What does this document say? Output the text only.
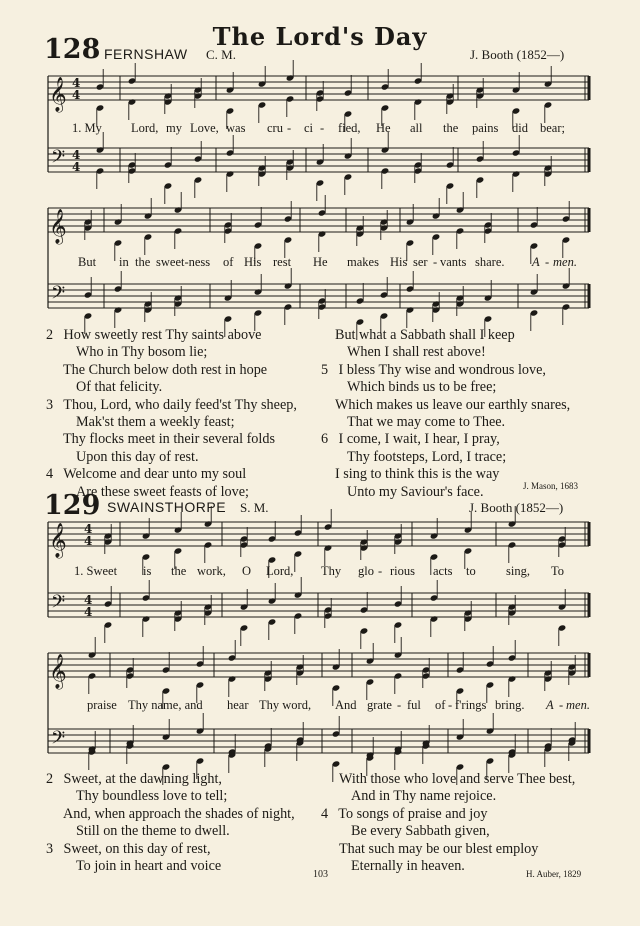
The Lord's Day
128 FERNSHAW C. M.	J. Booth (1852—)
𝄞
𝄢
4
4
4
4
𝄞
𝄢
𝄞
𝄢
4
4
4
4
𝄞
𝄢
1. My Lord, my Love, was cru - ci - fied, He all the pains did bear;
But in the sweet-ness of His rest He makes His ser - vants share. A - men.
2 How sweetly rest Thy saints above
Who in Thy bosom lie;
The Church below doth rest in hope
Of that felicity.
3 Thou, Lord, who daily feed'st Thy sheep,
Mak'st them a weekly feast;
Thy flocks meet in their several folds
Upon this day of rest.
4 Welcome and dear unto my soul
Are these sweet feasts of love;
But what a Sabbath shall I keep
When I shall rest above!
5 I bless Thy wise and wondrous love,
Which binds us to be free;
Which makes us leave our earthly snares,
That we may come to Thee.
6 I come, I wait, I hear, I pray,
Thy footsteps, Lord, I trace;
I sing to think this is the way
Unto my Saviour's face.	J. Mason, 1683
129 SWAINSTHORPE S. M.	J. Booth (1852—)
1. Sweet is the work, O Lord, Thy glo - rious acts to sing, To
praise Thy name, and hear Thy word, And grate - ful of - f'rings bring. A - men.
2 Sweet, at the dawning light,
Thy boundless love to tell;
And, when approach the shades of night,
Still on the theme to dwell.
3 Sweet, on this day of rest,
To join in heart and voice
With those who love and serve Thee best,
And in Thy name rejoice.
4 To songs of praise and joy
Be every Sabbath given,
That such may be our blest employ
Eternally in heaven.
103	H. Auber, 1829
